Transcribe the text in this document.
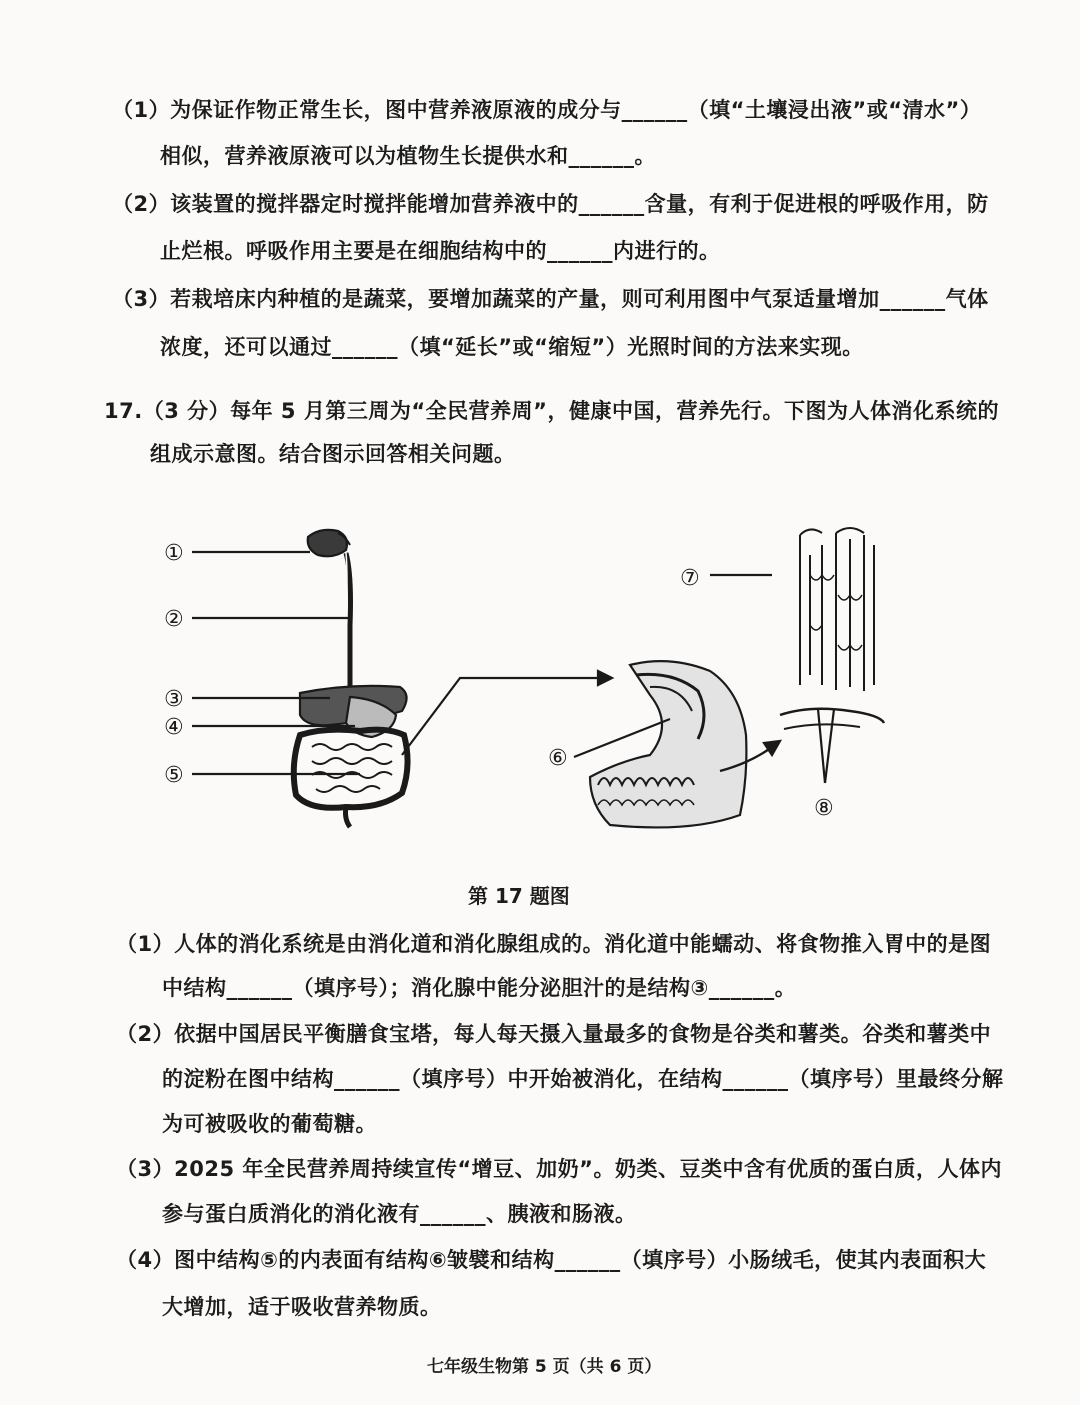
（1）为保证作物正常生长，图中营养液原液的成分与______（填“土壤浸出液”或“清水”）
相似，营养液原液可以为植物生长提供水和______。
（2）该装置的搅拌器定时搅拌能增加营养液中的______含量，有利于促进根的呼吸作用，防
止烂根。呼吸作用主要是在细胞结构中的______内进行的。
（3）若栽培床内种植的是蔬菜，要增加蔬菜的产量，则可利用图中气泵适量增加______气体
浓度，还可以通过______（填“延长”或“缩短”）光照时间的方法来实现。
17.（3 分）每年 5 月第三周为“全民营养周”，健康中国，营养先行。下图为人体消化系统的
组成示意图。结合图示回答相关问题。
①
②
③
④
⑤
⑥
⑦
⑧
第 17 题图
（1）人体的消化系统是由消化道和消化腺组成的。消化道中能蠕动、将食物推入胃中的是图
中结构______（填序号）；消化腺中能分泌胆汁的是结构③______。
（2）依据中国居民平衡膳食宝塔，每人每天摄入量最多的食物是谷类和薯类。谷类和薯类中
的淀粉在图中结构______（填序号）中开始被消化，在结构______（填序号）里最终分解
为可被吸收的葡萄糖。
（3）2025 年全民营养周持续宣传“增豆、加奶”。奶类、豆类中含有优质的蛋白质，人体内
参与蛋白质消化的消化液有______、胰液和肠液。
（4）图中结构⑤的内表面有结构⑥皱襞和结构______（填序号）小肠绒毛，使其内表面积大
大增加，适于吸收营养物质。
七年级生物第 5 页（共 6 页）
